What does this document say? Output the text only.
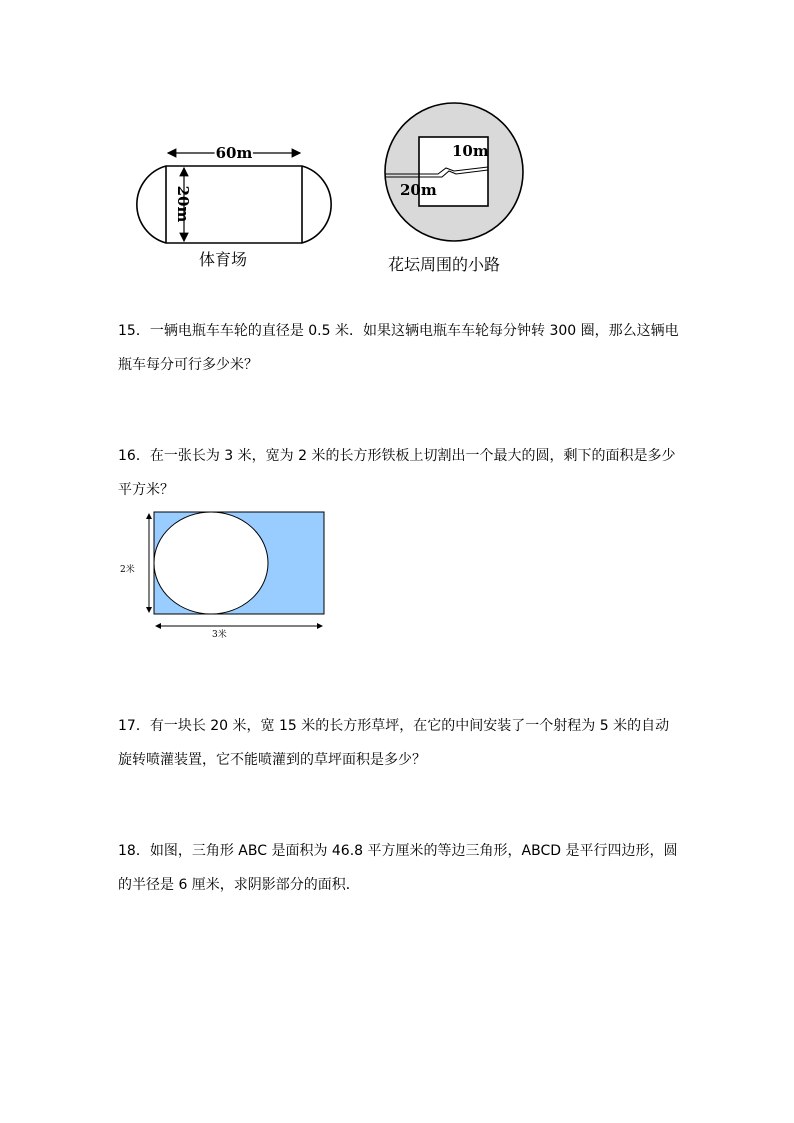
60m
20m
体育场
10m
20m
花坛周围的小路
15．一辆电瓶车车轮的直径是 0.5 米．如果这辆电瓶车车轮每分钟转 300 圈，那么这辆电瓶车每分可行多少米？
16．在一张长为 3 米，宽为 2 米的长方形铁板上切割出一个最大的圆，剩下的面积是多少平方米？
2米
3米
17．有一块长 20 米，宽 15 米的长方形草坪，在它的中间安装了一个射程为 5 米的自动旋转喷灌装置，它不能喷灌到的草坪面积是多少？
18．如图，三角形 ABC 是面积为 46.8 平方厘米的等边三角形，ABCD 是平行四边形，圆的半径是 6 厘米，求阴影部分的面积．
